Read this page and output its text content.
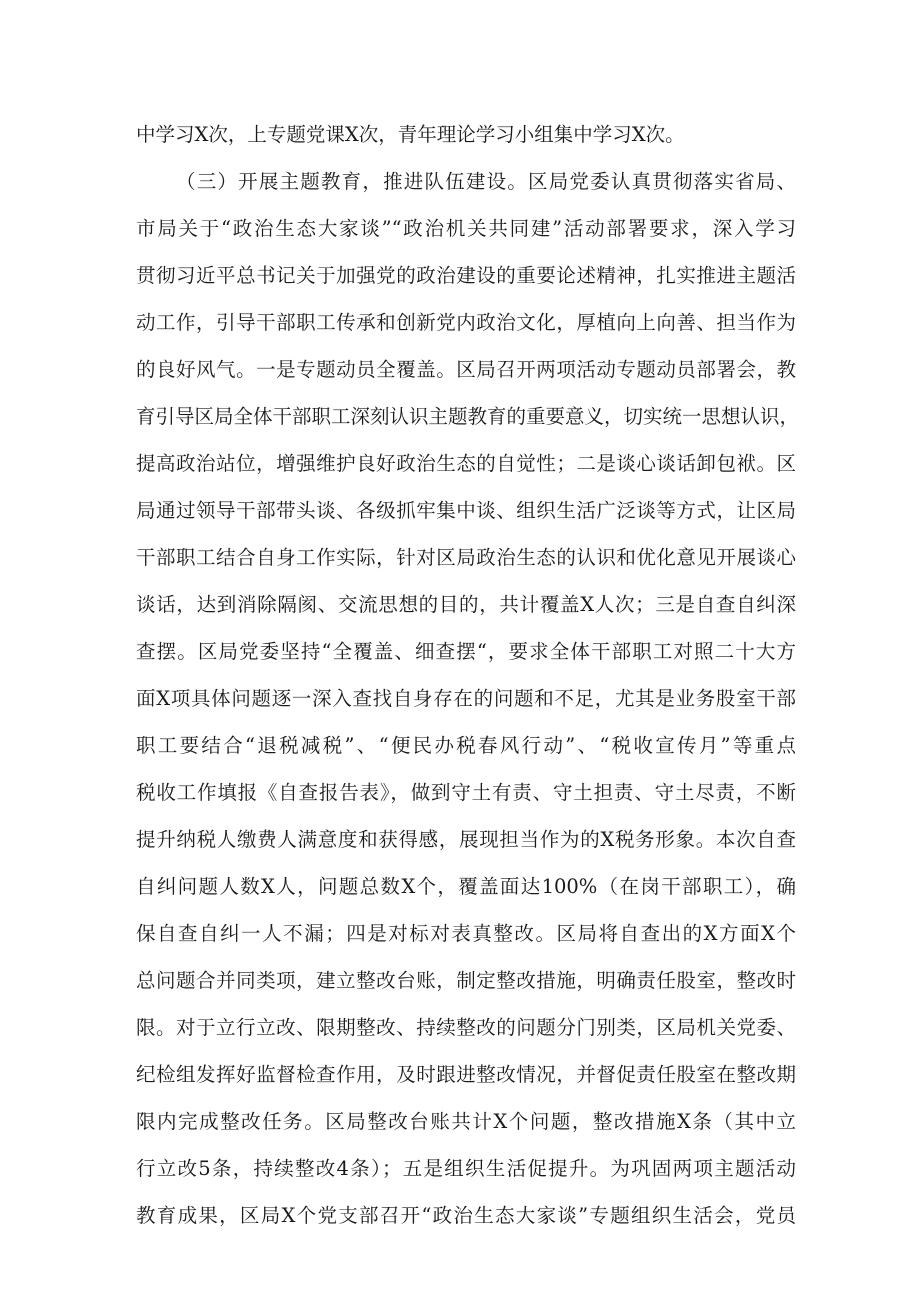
中学习X次，上专题党课X次，青年理论学习小组集中学习X次。
（三）开展主题教育，推进队伍建设。区局党委认真贯彻落实省局、
市局关于“政治生态大家谈”“政治机关共同建”活动部署要求，深入学习
贯彻习近平总书记关于加强党的政治建设的重要论述精神，扎实推进主题活
动工作，引导干部职工传承和创新党内政治文化，厚植向上向善、担当作为
的良好风气。一是专题动员全覆盖。区局召开两项活动专题动员部署会，教
育引导区局全体干部职工深刻认识主题教育的重要意义，切实统一思想认识，
提高政治站位，增强维护良好政治生态的自觉性；二是谈心谈话卸包袱。区
局通过领导干部带头谈、各级抓牢集中谈、组织生活广泛谈等方式，让区局
干部职工结合自身工作实际，针对区局政治生态的认识和优化意见开展谈心
谈话，达到消除隔阂、交流思想的目的，共计覆盖X人次；三是自查自纠深
查摆。区局党委坚持“全覆盖、细查摆“，要求全体干部职工对照二十大方
面X项具体问题逐一深入查找自身存在的问题和不足，尤其是业务股室干部
职工要结合“退税减税”、“便民办税春风行动”、“税收宣传月”等重点
税收工作填报《自查报告表》，做到守土有责、守土担责、守土尽责，不断
提升纳税人缴费人满意度和获得感，展现担当作为的X税务形象。本次自查
自纠问题人数X人，问题总数X个，覆盖面达100%（在岗干部职工），确
保自查自纠一人不漏；四是对标对表真整改。区局将自查出的X方面X个
总问题合并同类项，建立整改台账，制定整改措施，明确责任股室，整改时
限。对于立行立改、限期整改、持续整改的问题分门别类，区局机关党委、
纪检组发挥好监督检查作用，及时跟进整改情况，并督促责任股室在整改期
限内完成整改任务。区局整改台账共计X个问题，整改措施X条（其中立
行立改5条，持续整改4条）；五是组织生活促提升。为巩固两项主题活动
教育成果，区局X个党支部召开“政治生态大家谈”专题组织生活会，党员
